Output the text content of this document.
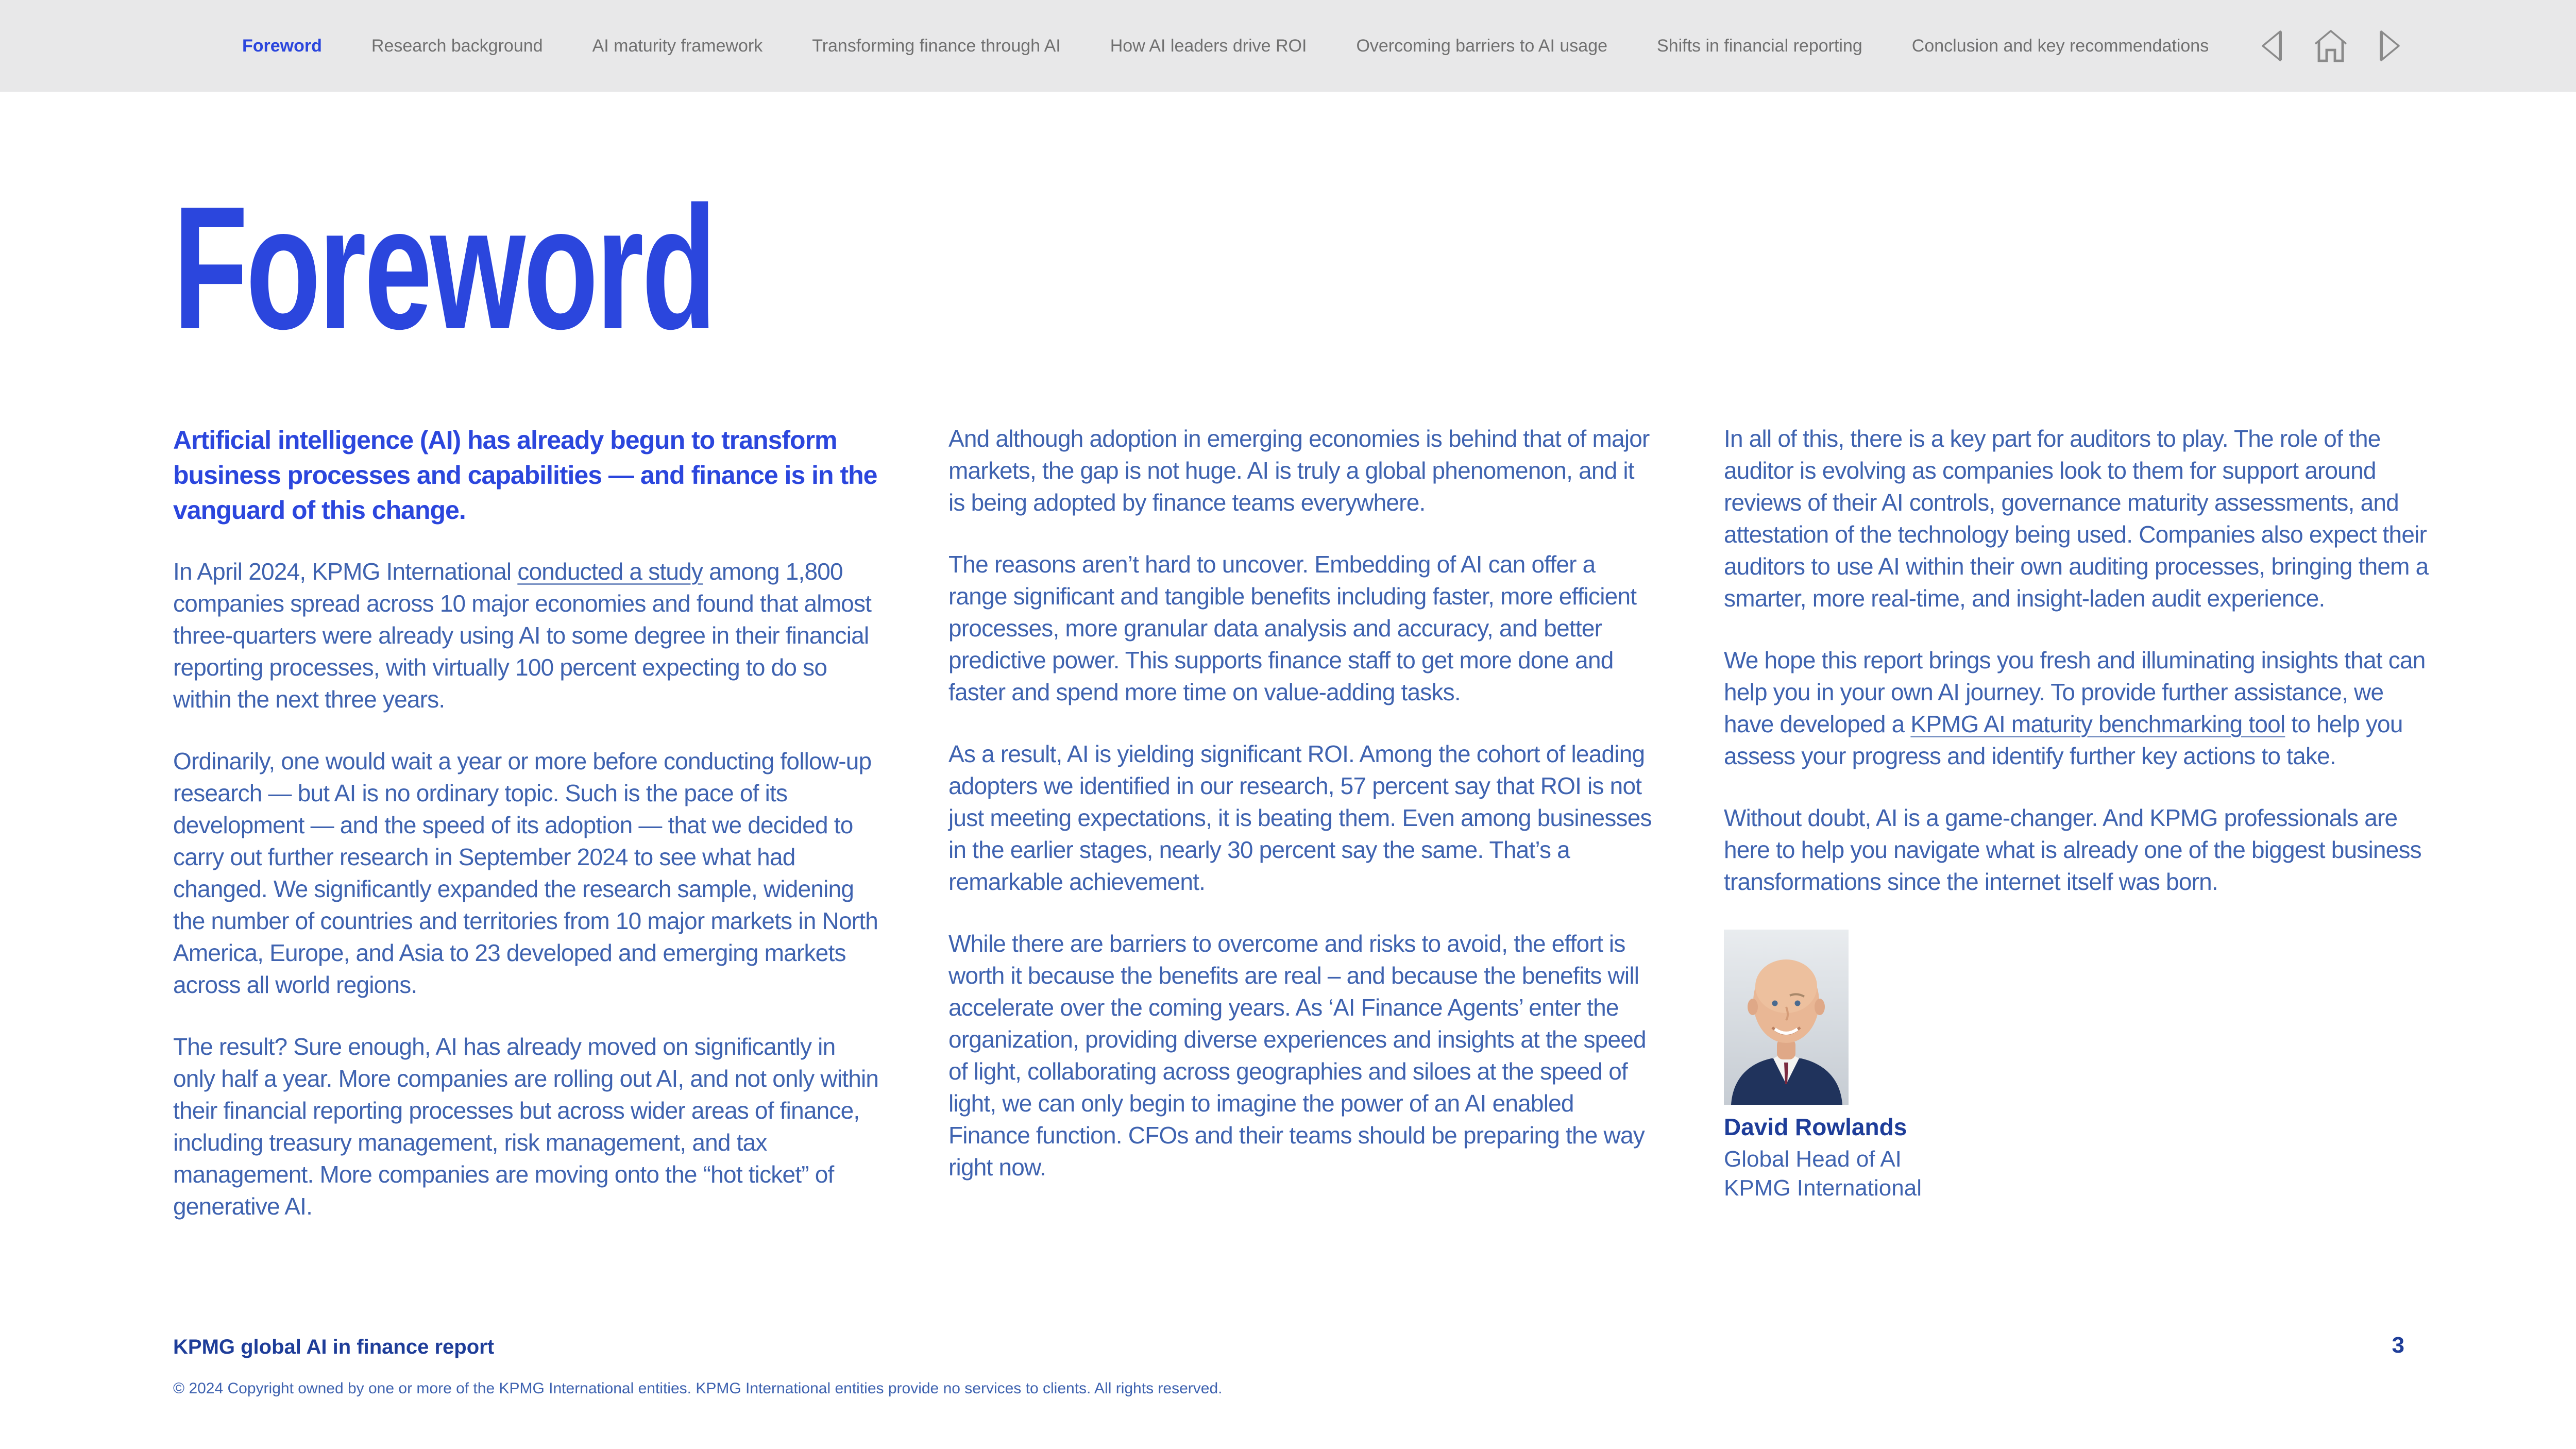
Foreword	Research background	AI maturity framework	Transforming finance through AI	How AI leaders drive ROI	Overcoming barriers to AI usage	Shifts in financial reporting	Conclusion and key recommendations
Foreword

Artificial intelligence (AI) has already begun to transform business processes and capabilities — and finance is in the vanguard of this change.

In April 2024, KPMG International conducted a study among 1,800 companies spread across 10 major economies and found that almost three-quarters were already using AI to some degree in their financial reporting processes, with virtually 100 percent expecting to do so within the next three years.

Ordinarily, one would wait a year or more before conducting follow-up research — but AI is no ordinary topic. Such is the pace of its development — and the speed of its adoption — that we decided to carry out further research in September 2024 to see what had changed. We significantly expanded the research sample, widening the number of countries and territories from 10 major markets in North America, Europe, and Asia to 23 developed and emerging markets across all world regions.

The result? Sure enough, AI has already moved on significantly in only half a year. More companies are rolling out AI, and not only within their financial reporting processes but across wider areas of finance, including treasury management, risk management, and tax management. More companies are moving onto the “hot ticket” of generative AI.

And although adoption in emerging economies is behind that of major markets, the gap is not huge. AI is truly a global phenomenon, and it is being adopted by finance teams everywhere.

The reasons aren’t hard to uncover. Embedding of AI can offer a range significant and tangible benefits including faster, more efficient processes, more granular data analysis and accuracy, and better predictive power. This supports finance staff to get more done and faster and spend more time on value-adding tasks.

As a result, AI is yielding significant ROI. Among the cohort of leading adopters we identified in our research, 57 percent say that ROI is not just meeting expectations, it is beating them. Even among businesses in the earlier stages, nearly 30 percent say the same. That’s a remarkable achievement.

While there are barriers to overcome and risks to avoid, the effort is worth it because the benefits are real – and because the benefits will accelerate over the coming years. As ‘AI Finance Agents’ enter the organization, providing diverse experiences and insights at the speed of light, collaborating across geographies and siloes at the speed of light, we can only begin to imagine the power of an AI enabled Finance function. CFOs and their teams should be preparing the way right now.

In all of this, there is a key part for auditors to play. The role of the auditor is evolving as companies look to them for support around reviews of their AI controls, governance maturity assessments, and attestation of the technology being used. Companies also expect their auditors to use AI within their own auditing processes, bringing them a smarter, more real-time, and insight-laden audit experience.

We hope this report brings you fresh and illuminating insights that can help you in your own AI journey. To provide further assistance, we have developed a KPMG AI maturity benchmarking tool to help you assess your progress and identify further key actions to take.

Without doubt, AI is a game-changer. And KPMG professionals are here to help you navigate what is already one of the biggest business transformations since the internet itself was born.

David Rowlands

Global Head of AI

KPMG International

KPMG global AI in finance report
© 2024 Copyright owned by one or more of the KPMG International entities. KPMG International entities provide no services to clients. All rights reserved.
3
